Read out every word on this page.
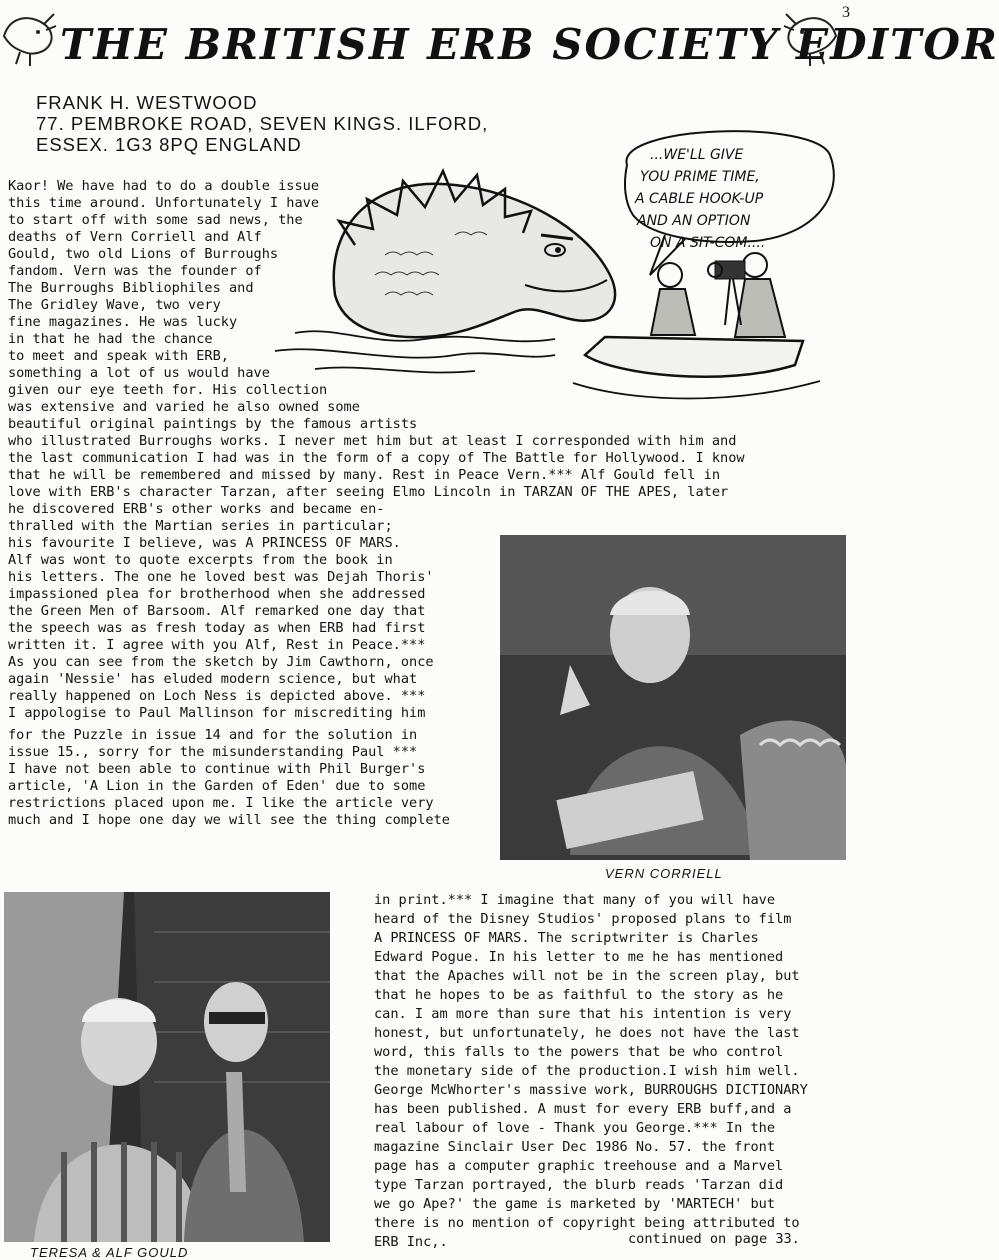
3
THE BRITISH ERB SOCIETY EDITOR
FRANK H. WESTWOOD
77. PEMBROKE ROAD, SEVEN KINGS. ILFORD,
ESSEX. 1G3 8PQ ENGLAND	...WE'LL GIVE
YOU PRIME TIME,
A CABLE HOOK-UP
AND AN OPTION
ON A SIT-COM....
Kaor! We have had to do a double issue
this time around. Unfortunately I have
to start off with some sad news, the
deaths of Vern Corriell and Alf
Gould, two old Lions of Burroughs
fandom. Vern was the founder of
The Burroughs Bibliophiles and
The Gridley Wave, two very
fine magazines. He was lucky
in that he had the chance
to meet and speak with ERB,
something a lot of us would have
given our eye teeth for. His collection
was extensive and varied he also owned some
beautiful original paintings by the famous artists
who illustrated Burroughs works. I never met him but at least I corresponded with him and
the last communication I had was in the form of a copy of The Battle for Hollywood. I know
that he will be remembered and missed by many. Rest in Peace Vern.*** Alf Gould fell in
love with ERB's character Tarzan, after seeing Elmo Lincoln in TARZAN OF THE APES, later
he discovered ERB's other works and became en-
thralled with the Martian series in particular;
his favourite I believe, was A PRINCESS OF MARS.
Alf was wont to quote excerpts from the book in
his letters. The one he loved best was Dejah Thoris'
impassioned plea for brotherhood when she addressed
the Green Men of Barsoom. Alf remarked one day that
the speech was as fresh today as when ERB had first
written it. I agree with you Alf, Rest in Peace.***
As you can see from the sketch by Jim Cawthorn, once
again 'Nessie' has eluded modern science, but what
really happened on Loch Ness is depicted above. ***
I appologise to Paul Mallinson for miscrediting him
for the Puzzle in issue 14 and for the solution in
issue 15., sorry for the misunderstanding Paul ***
I have not been able to continue with Phil Burger's
article, 'A Lion in the Garden of Eden' due to some
restrictions placed upon me. I like the article very
much and I hope one day we will see the thing complete
VERN CORRIELL
TERESA & ALF GOULD
in print.*** I imagine that many of you will have
heard of the Disney Studios' proposed plans to film
A PRINCESS OF MARS. The scriptwriter is Charles
Edward Pogue. In his letter to me he has mentioned
that the Apaches will not be in the screen play, but
that he hopes to be as faithful to the story as he
can. I am more than sure that his intention is very
honest, but unfortunately, he does not have the last
word, this falls to the powers that be who control
the monetary side of the production.I wish him well.
George McWhorter's massive work, BURROUGHS DICTIONARY
has been published. A must for every ERB buff,and a
real labour of love - Thank you George.*** In the
magazine Sinclair User Dec 1986 No. 57. the front
page has a computer graphic treehouse and a Marvel
type Tarzan portrayed, the blurb reads 'Tarzan did
we go Ape?' the game is marketed by 'MARTECH' but
there is no mention of copyright being attributed to
ERB Inc,.	continued on page 33.
